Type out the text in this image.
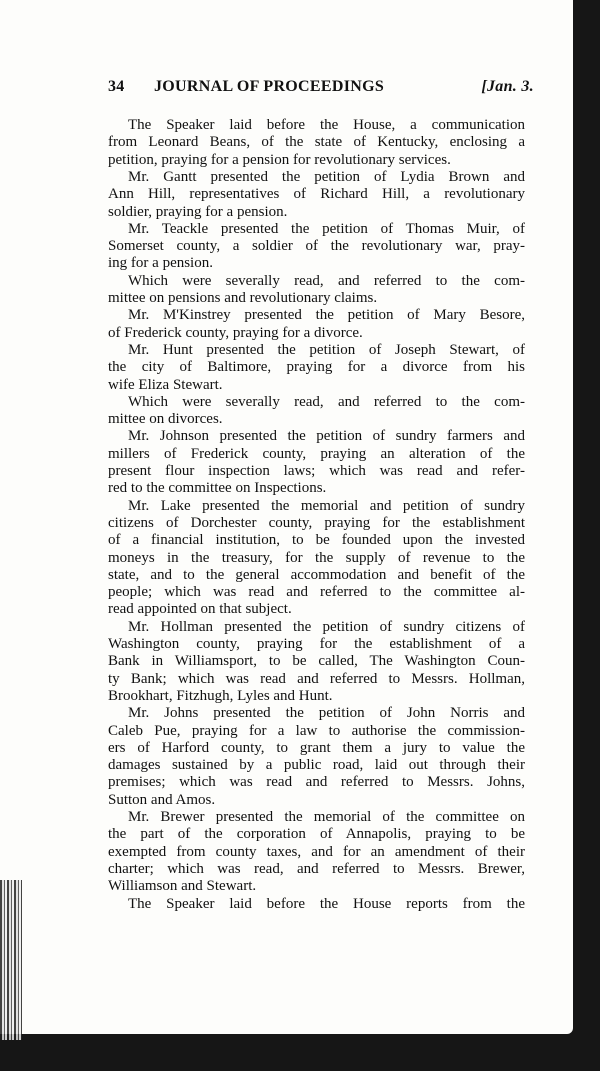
34 JOURNAL OF PROCEEDINGS	[Jan. 3.
The Speaker laid before the House, a communication
from Leonard Beans, of the state of Kentucky, enclosing a
petition, praying for a pension for revolutionary services.
Mr. Gantt presented the petition of Lydia Brown and
Ann Hill, representatives of Richard Hill, a revolutionary
soldier, praying for a pension.
Mr. Teackle presented the petition of Thomas Muir, of
Somerset county, a soldier of the revolutionary war, pray-
ing for a pension.
Which were severally read, and referred to the com-
mittee on pensions and revolutionary claims.
Mr. M'Kinstrey presented the petition of Mary Besore,
of Frederick county, praying for a divorce.
Mr. Hunt presented the petition of Joseph Stewart, of
the city of Baltimore, praying for a divorce from his
wife Eliza Stewart.
Which were severally read, and referred to the com-
mittee on divorces.
Mr. Johnson presented the petition of sundry farmers and
millers of Frederick county, praying an alteration of the
present flour inspection laws; which was read and refer-
red to the committee on Inspections.
Mr. Lake presented the memorial and petition of sundry
citizens of Dorchester county, praying for the establishment
of a financial institution, to be founded upon the invested
moneys in the treasury, for the supply of revenue to the
state, and to the general accommodation and benefit of the
people; which was read and referred to the committee al-
read appointed on that subject.
Mr. Hollman presented the petition of sundry citizens of
Washington county, praying for the establishment of a
Bank in Williamsport, to be called, The Washington Coun-
ty Bank; which was read and referred to Messrs. Hollman,
Brookhart, Fitzhugh, Lyles and Hunt.
Mr. Johns presented the petition of John Norris and
Caleb Pue, praying for a law to authorise the commission-
ers of Harford county, to grant them a jury to value the
damages sustained by a public road, laid out through their
premises; which was read and referred to Messrs. Johns,
Sutton and Amos.
Mr. Brewer presented the memorial of the committee on
the part of the corporation of Annapolis, praying to be
exempted from county taxes, and for an amendment of their
charter; which was read, and referred to Messrs. Brewer,
Williamson and Stewart.
The Speaker laid before the House reports from the
